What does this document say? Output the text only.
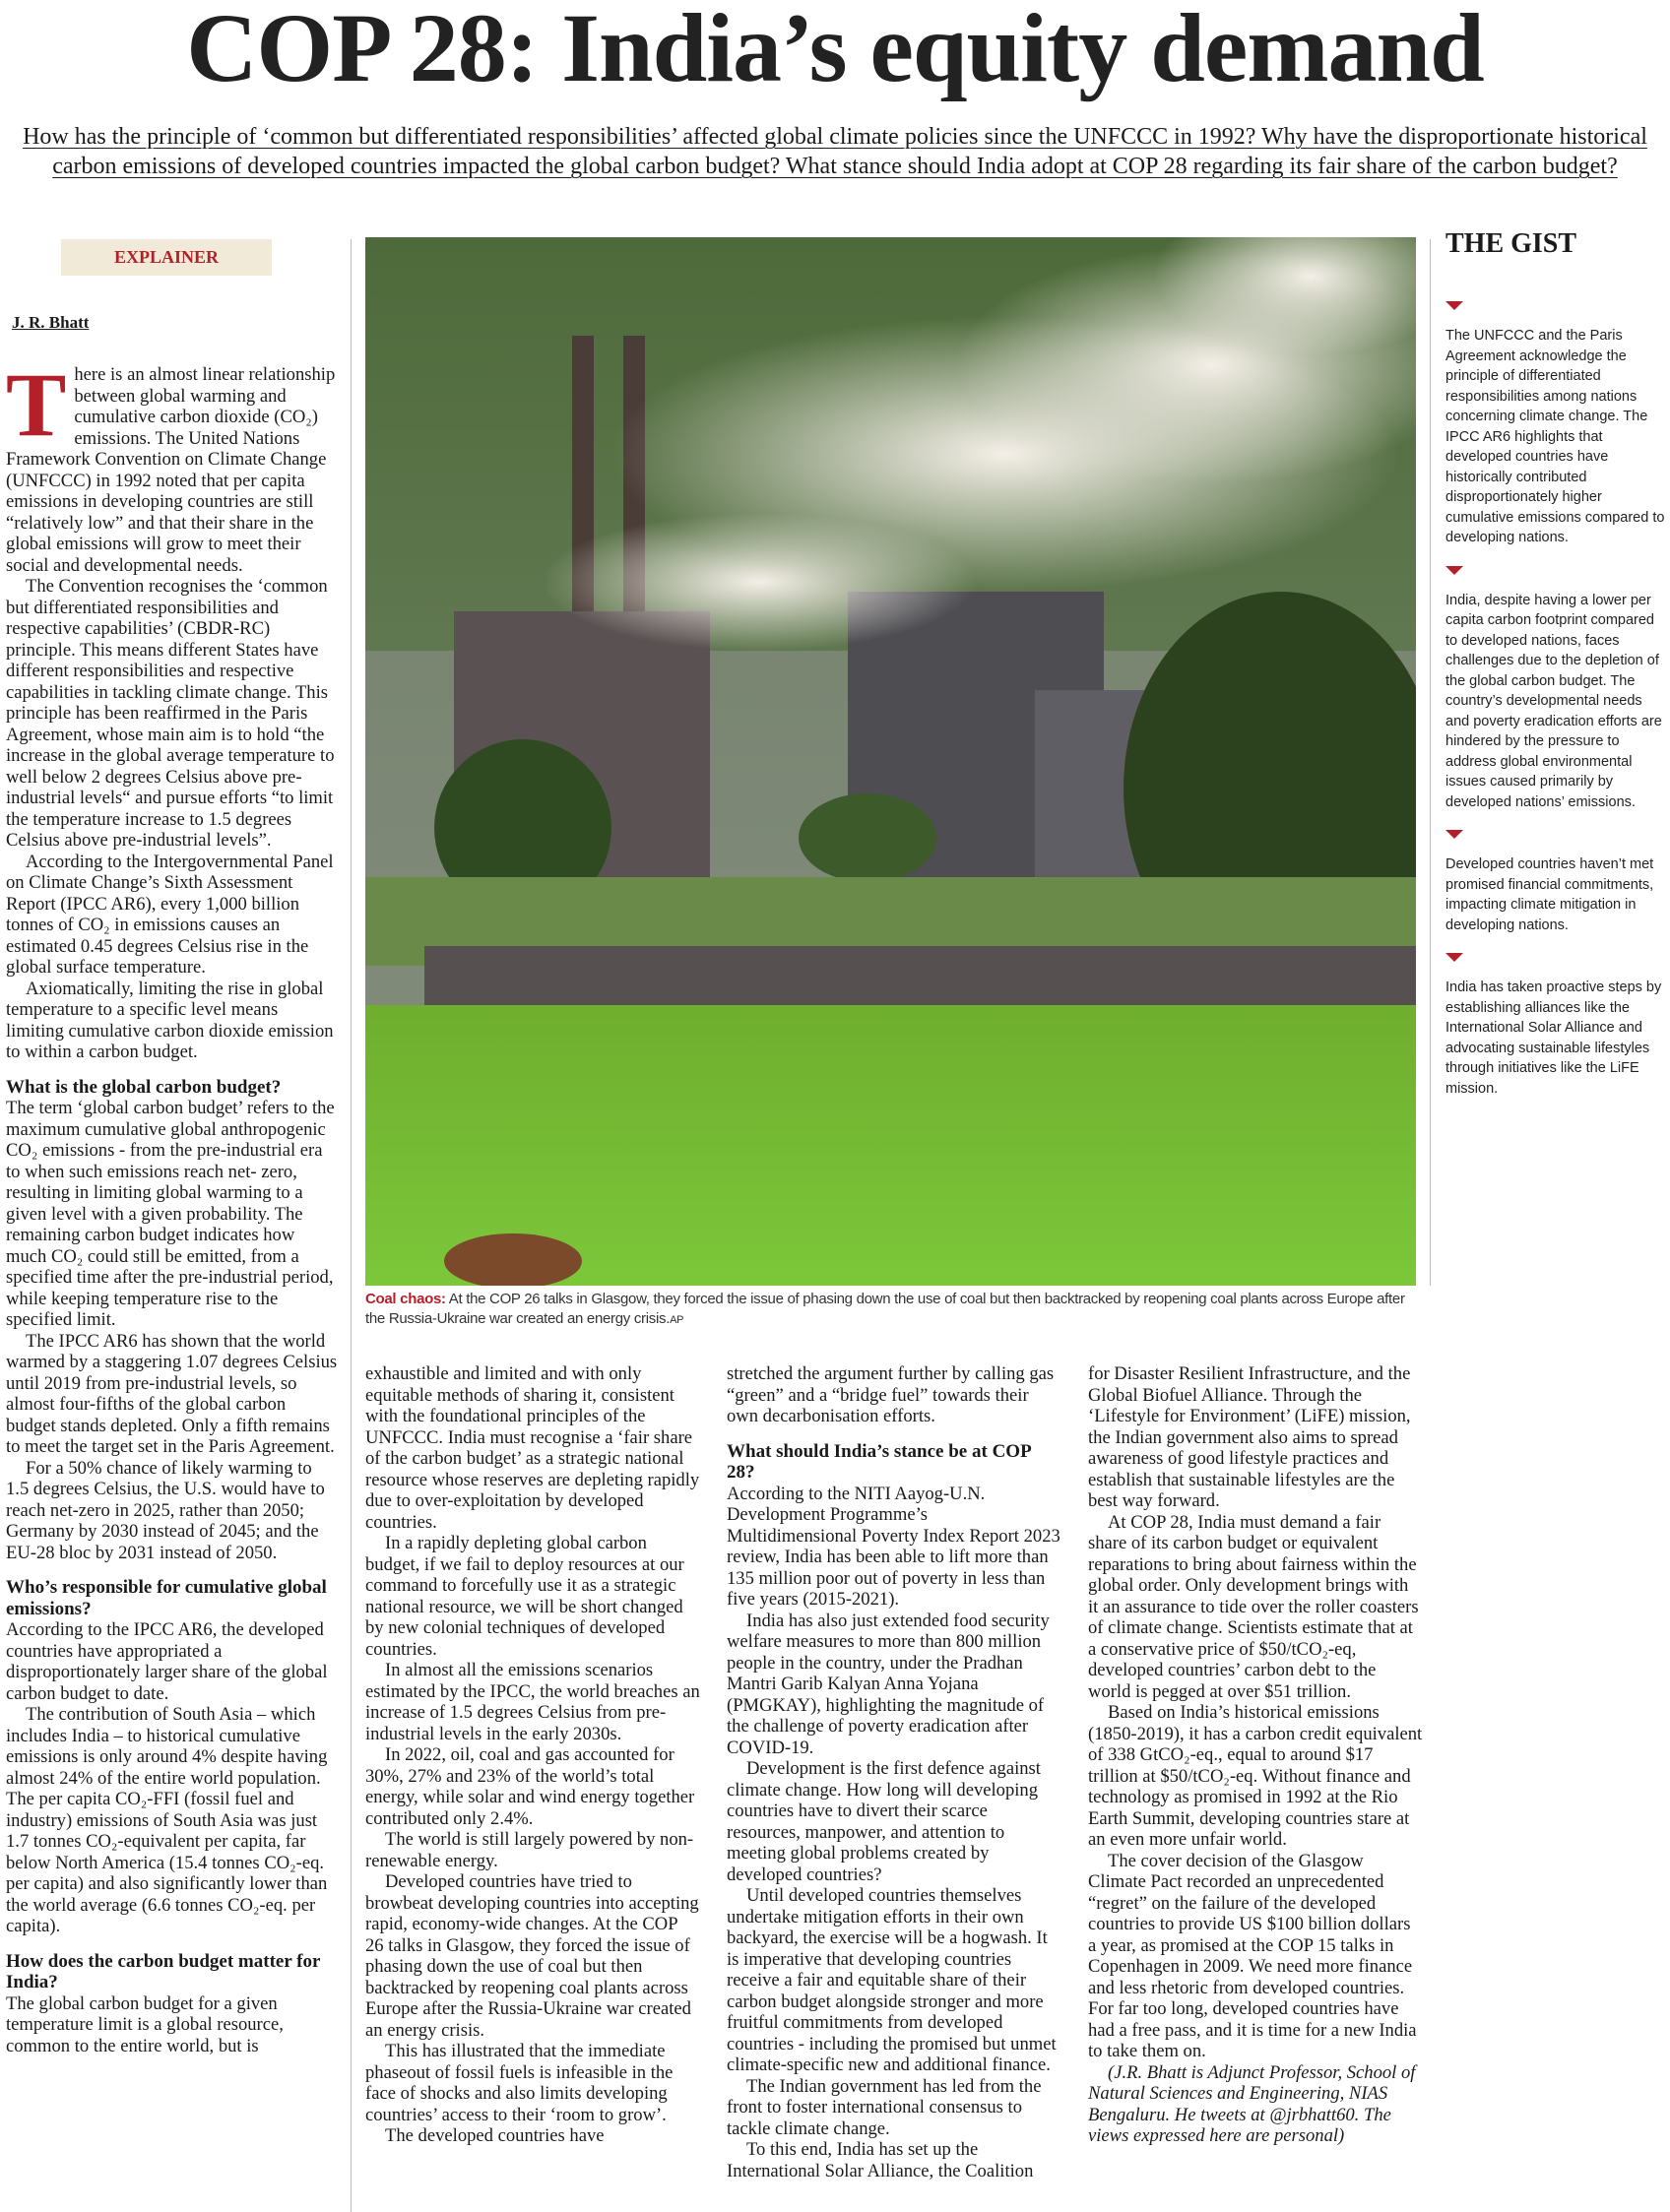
COP 28: India’s equity demand
How has the principle of ‘common but differentiated responsibilities’ affected global climate policies since the UNFCCC in 1992? Why have the disproportionate historical carbon emissions of developed countries impacted the global carbon budget? What stance should India adopt at COP 28 regarding its fair share of the carbon budget?
EXPLAINER
J. R. Bhatt
T here is an almost linear relationship between global warming and cumulative carbon dioxide (CO₂) emissions. The United Nations Framework Convention on Climate Change (UNFCCC) in 1992 noted that per capita emissions in developing countries are still “relatively low” and that their share in the global emissions will grow to meet their social and developmental needs.

The Convention recognises the ‘common but differentiated responsibilities and respective capabilities’ (CBDR-RC) principle. This means different States have different responsibilities and respective capabilities in tackling climate change. This principle has been reaffirmed in the Paris Agreement, whose main aim is to hold “the increase in the global average temperature to well below 2 degrees Celsius above pre-industrial levels“ and pursue efforts “to limit the temperature increase to 1.5 degrees Celsius above pre-industrial levels”.

According to the Intergovernmental Panel on Climate Change’s Sixth Assessment Report (IPCC AR6), every 1,000 billion tonnes of CO₂ in emissions causes an estimated 0.45 degrees Celsius rise in the global surface temperature.

Axiomatically, limiting the rise in global temperature to a specific level means limiting cumulative carbon dioxide emission to within a carbon budget.

What is the global carbon budget?

The term ‘global carbon budget’ refers to the maximum cumulative global anthropogenic CO₂ emissions - from the pre-industrial era to when such emissions reach net- zero, resulting in limiting global warming to a given level with a given probability. The remaining carbon budget indicates how much CO₂ could still be emitted, from a specified time after the pre-industrial period, while keeping temperature rise to the specified limit.

The IPCC AR6 has shown that the world warmed by a staggering 1.07 degrees Celsius until 2019 from pre-industrial levels, so almost four-fifths of the global carbon budget stands depleted. Only a fifth remains to meet the target set in the Paris Agreement.

For a 50% chance of likely warming to 1.5 degrees Celsius, the U.S. would have to reach net-zero in 2025, rather than 2050; Germany by 2030 instead of 2045; and the EU-28 bloc by 2031 instead of 2050.

Who’s responsible for cumulative global emissions?

According to the IPCC AR6, the developed countries have appropriated a disproportionately larger share of the global carbon budget to date.

The contribution of South Asia – which includes India – to historical cumulative emissions is only around 4% despite having almost 24% of the entire world population. The per capita CO₂-FFI (fossil fuel and industry) emissions of South Asia was just 1.7 tonnes CO₂-equivalent per capita, far below North America (15.4 tonnes CO₂-eq. per capita) and also significantly lower than the world average (6.6 tonnes CO₂-eq. per capita).

How does the carbon budget matter for India?

The global carbon budget for a given temperature limit is a global resource, common to the entire world, but is

Coal chaos: At the COP 26 talks in Glasgow, they forced the issue of phasing down the use of coal but then backtracked by reopening coal plants across Europe after the Russia-Ukraine war created an energy crisis.AP

exhaustible and limited and with only equitable methods of sharing it, consistent with the foundational principles of the UNFCCC. India must recognise a ‘fair share of the carbon budget’ as a strategic national resource whose reserves are depleting rapidly due to over-exploitation by developed countries.

In a rapidly depleting global carbon budget, if we fail to deploy resources at our command to forcefully use it as a strategic national resource, we will be short changed by new colonial techniques of developed countries.

In almost all the emissions scenarios estimated by the IPCC, the world breaches an increase of 1.5 degrees Celsius from pre-industrial levels in the early 2030s.

In 2022, oil, coal and gas accounted for 30%, 27% and 23% of the world’s total energy, while solar and wind energy together contributed only 2.4%.

The world is still largely powered by non-renewable energy.

Developed countries have tried to browbeat developing countries into accepting rapid, economy-wide changes. At the COP 26 talks in Glasgow, they forced the issue of phasing down the use of coal but then backtracked by reopening coal plants across Europe after the Russia-Ukraine war created an energy crisis.

This has illustrated that the immediate phaseout of fossil fuels is infeasible in the face of shocks and also limits developing countries’ access to their ‘room to grow’.

The developed countries have

stretched the argument further by calling gas “green” and a “bridge fuel” towards their own decarbonisation efforts.

What should India’s stance be at COP 28?

According to the NITI Aayog-U.N. Development Programme’s Multidimensional Poverty Index Report 2023 review, India has been able to lift more than 135 million poor out of poverty in less than five years (2015-2021).

India has also just extended food security welfare measures to more than 800 million people in the country, under the Pradhan Mantri Garib Kalyan Anna Yojana (PMGKAY), highlighting the magnitude of the challenge of poverty eradication after COVID-19.

Development is the first defence against climate change. How long will developing countries have to divert their scarce resources, manpower, and attention to meeting global problems created by developed countries?

Until developed countries themselves undertake mitigation efforts in their own backyard, the exercise will be a hogwash. It is imperative that developing countries receive a fair and equitable share of their carbon budget alongside stronger and more fruitful commitments from developed countries - including the promised but unmet climate-specific new and additional finance.

The Indian government has led from the front to foster international consensus to tackle climate change.

To this end, India has set up the International Solar Alliance, the Coalition

for Disaster Resilient Infrastructure, and the Global Biofuel Alliance. Through the ‘Lifestyle for Environment’ (LiFE) mission, the Indian government also aims to spread awareness of good lifestyle practices and establish that sustainable lifestyles are the best way forward.

At COP 28, India must demand a fair share of its carbon budget or equivalent reparations to bring about fairness within the global order. Only development brings with it an assurance to tide over the roller coasters of climate change. Scientists estimate that at a conservative price of $50/tCO₂-eq, developed countries’ carbon debt to the world is pegged at over $51 trillion.

Based on India’s historical emissions (1850-2019), it has a carbon credit equivalent of 338 GtCO₂-eq., equal to around $17 trillion at $50/tCO₂-eq. Without finance and technology as promised in 1992 at the Rio Earth Summit, developing countries stare at an even more unfair world.

The cover decision of the Glasgow Climate Pact recorded an unprecedented “regret” on the failure of the developed countries to provide US $100 billion dollars a year, as promised at the COP 15 talks in Copenhagen in 2009. We need more finance and less rhetoric from developed countries. For far too long, developed countries have had a free pass, and it is time for a new India to take them on.

(J.R. Bhatt is Adjunct Professor, School of Natural Sciences and Engineering, NIAS Bengaluru. He tweets at @jrbhatt60. The views expressed here are personal)

THE GIST

The UNFCCC and the Paris Agreement acknowledge the principle of differentiated responsibilities among nations concerning climate change. The IPCC AR6 highlights that developed countries have historically contributed disproportionately higher cumulative emissions compared to developing nations.

India, despite having a lower per capita carbon footprint compared to developed nations, faces challenges due to the depletion of the global carbon budget. The country’s developmental needs and poverty eradication efforts are hindered by the pressure to address global environmental issues caused primarily by developed nations’ emissions.

Developed countries haven’t met promised financial commitments, impacting climate mitigation in developing nations.

India has taken proactive steps by establishing alliances like the International Solar Alliance and advocating sustainable lifestyles through initiatives like the LiFE mission.
